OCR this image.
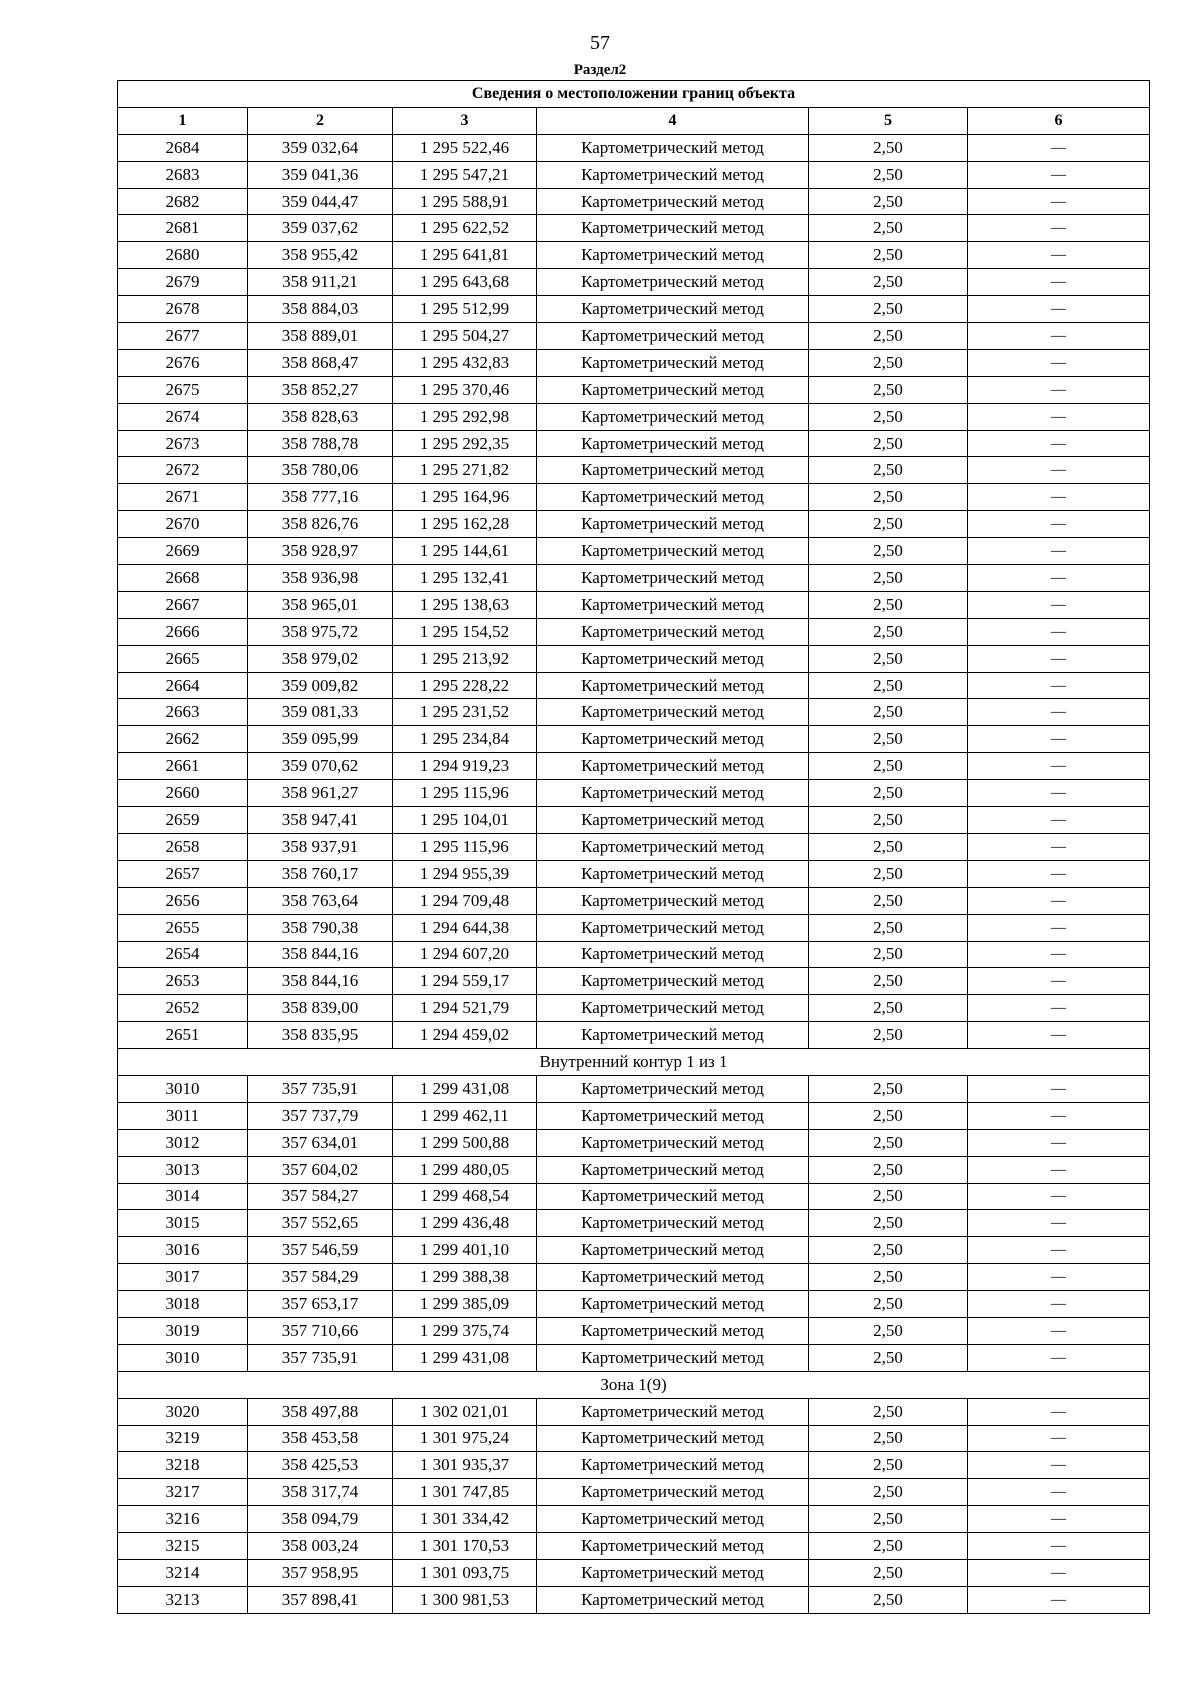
57
Раздел2
Сведения о местоположении границ объекта					
1	2	3	4	5	6
2684	359 032,64	1 295 522,46	Картометрический метод	2,50	—
2683	359 041,36	1 295 547,21	Картометрический метод	2,50	—
2682	359 044,47	1 295 588,91	Картометрический метод	2,50	—
2681	359 037,62	1 295 622,52	Картометрический метод	2,50	—
2680	358 955,42	1 295 641,81	Картометрический метод	2,50	—
2679	358 911,21	1 295 643,68	Картометрический метод	2,50	—
2678	358 884,03	1 295 512,99	Картометрический метод	2,50	—
2677	358 889,01	1 295 504,27	Картометрический метод	2,50	—
2676	358 868,47	1 295 432,83	Картометрический метод	2,50	—
2675	358 852,27	1 295 370,46	Картометрический метод	2,50	—
2674	358 828,63	1 295 292,98	Картометрический метод	2,50	—
2673	358 788,78	1 295 292,35	Картометрический метод	2,50	—
2672	358 780,06	1 295 271,82	Картометрический метод	2,50	—
2671	358 777,16	1 295 164,96	Картометрический метод	2,50	—
2670	358 826,76	1 295 162,28	Картометрический метод	2,50	—
2669	358 928,97	1 295 144,61	Картометрический метод	2,50	—
2668	358 936,98	1 295 132,41	Картометрический метод	2,50	—
2667	358 965,01	1 295 138,63	Картометрический метод	2,50	—
2666	358 975,72	1 295 154,52	Картометрический метод	2,50	—
2665	358 979,02	1 295 213,92	Картометрический метод	2,50	—
2664	359 009,82	1 295 228,22	Картометрический метод	2,50	—
2663	359 081,33	1 295 231,52	Картометрический метод	2,50	—
2662	359 095,99	1 295 234,84	Картометрический метод	2,50	—
2661	359 070,62	1 294 919,23	Картометрический метод	2,50	—
2660	358 961,27	1 295 115,96	Картометрический метод	2,50	—
2659	358 947,41	1 295 104,01	Картометрический метод	2,50	—
2658	358 937,91	1 295 115,96	Картометрический метод	2,50	—
2657	358 760,17	1 294 955,39	Картометрический метод	2,50	—
2656	358 763,64	1 294 709,48	Картометрический метод	2,50	—
2655	358 790,38	1 294 644,38	Картометрический метод	2,50	—
2654	358 844,16	1 294 607,20	Картометрический метод	2,50	—
2653	358 844,16	1 294 559,17	Картометрический метод	2,50	—
2652	358 839,00	1 294 521,79	Картометрический метод	2,50	—
2651	358 835,95	1 294 459,02	Картометрический метод	2,50	—
Внутренний контур 1 из 1					
3010	357 735,91	1 299 431,08	Картометрический метод	2,50	—
3011	357 737,79	1 299 462,11	Картометрический метод	2,50	—
3012	357 634,01	1 299 500,88	Картометрический метод	2,50	—
3013	357 604,02	1 299 480,05	Картометрический метод	2,50	—
3014	357 584,27	1 299 468,54	Картометрический метод	2,50	—
3015	357 552,65	1 299 436,48	Картометрический метод	2,50	—
3016	357 546,59	1 299 401,10	Картометрический метод	2,50	—
3017	357 584,29	1 299 388,38	Картометрический метод	2,50	—
3018	357 653,17	1 299 385,09	Картометрический метод	2,50	—
3019	357 710,66	1 299 375,74	Картометрический метод	2,50	—
3010	357 735,91	1 299 431,08	Картометрический метод	2,50	—
Зона 1(9)					
3020	358 497,88	1 302 021,01	Картометрический метод	2,50	—
3219	358 453,58	1 301 975,24	Картометрический метод	2,50	—
3218	358 425,53	1 301 935,37	Картометрический метод	2,50	—
3217	358 317,74	1 301 747,85	Картометрический метод	2,50	—
3216	358 094,79	1 301 334,42	Картометрический метод	2,50	—
3215	358 003,24	1 301 170,53	Картометрический метод	2,50	—
3214	357 958,95	1 301 093,75	Картометрический метод	2,50	—
3213	357 898,41	1 300 981,53	Картометрический метод	2,50	—
